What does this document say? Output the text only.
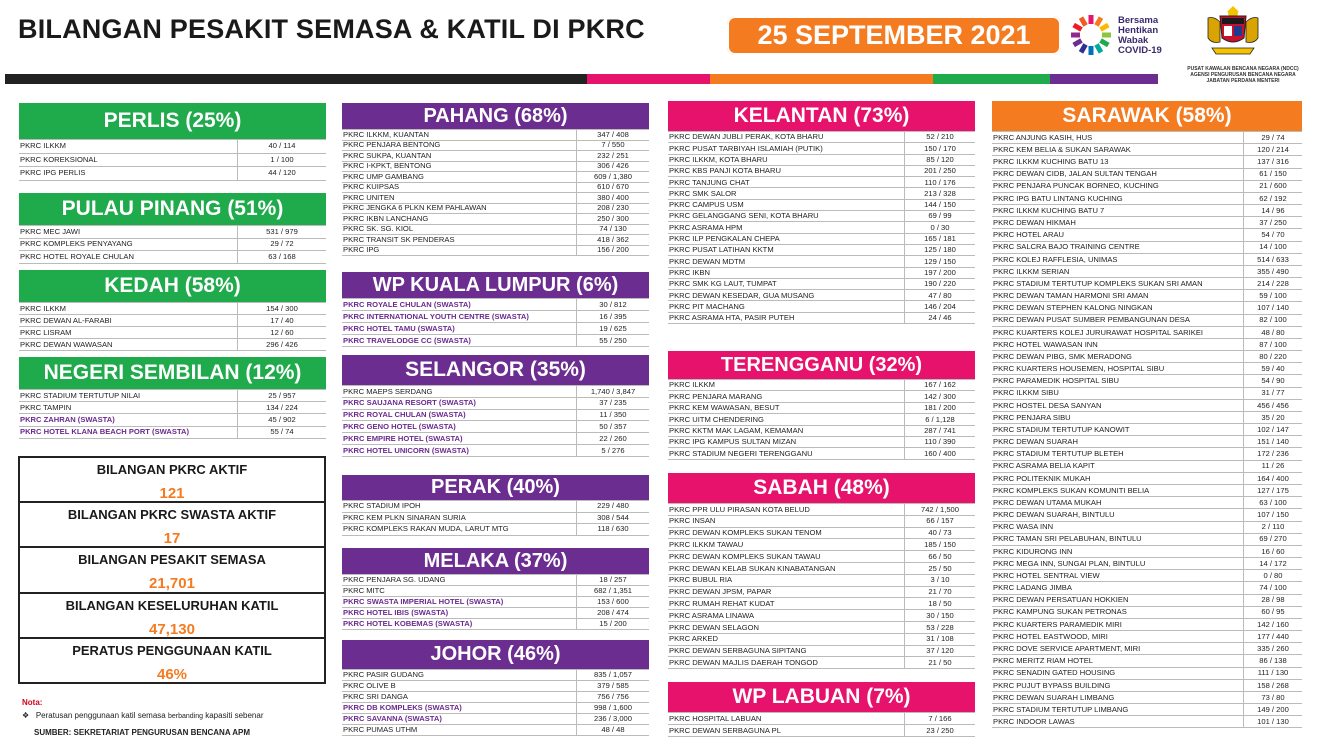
BILANGAN PESAKIT SEMASA & KATIL DI PKRC	25 SEPTEMBER 2021	Bersama
Hentikan
Wabak
COVID-19
PUSAT KAWALAN BENCANA NEGARA (NDCC)
AGENSI PENGURUSAN BENCANA NEGARA
JABATAN PERDANA MENTERI
PERLIS (25%)
PKRC ILKKM	40 / 114
PKRC KOREKSIONAL	1 / 100
PKRC IPG PERLIS	44 / 120
PULAU PINANG (51%)
PKRC MEC JAWI	531 / 979
PKRC KOMPLEKS PENYAYANG	29 / 72
PKRC HOTEL ROYALE CHULAN	63 / 168
KEDAH (58%)
PKRC ILKKM	154 / 300
PKRC DEWAN AL-FARABI	17 / 40
PKRC LISRAM	12 / 60
PKRC DEWAN WAWASAN	296 / 426
NEGERI SEMBILAN (12%)
PKRC STADIUM TERTUTUP NILAI	25 / 957
PKRC TAMPIN	134 / 224
PKRC ZAHRAN (SWASTA)	45 / 902
PKRC HOTEL KLANA BEACH PORT (SWASTA)	55 / 74
PAHANG (68%)
PKRC ILKKM, KUANTAN	347 / 408
PKRC PENJARA BENTONG	7 / 550
PKRC SUKPA, KUANTAN	232 / 251
PKRC I-KPKT, BENTONG	306 / 426
PKRC UMP GAMBANG	609 / 1,380
PKRC KUIPSAS	610 / 670
PKRC UNITEN	380 / 400
PKRC JENGKA 6 PLKN KEM PAHLAWAN	208 / 230
PKRC IKBN LANCHANG	250 / 300
PKRC SK. SG. KIOL	74 / 130
PKRC TRANSIT SK PENDERAS	418 / 362
PKRC IPG	156 / 200
WP KUALA LUMPUR (6%)
PKRC ROYALE CHULAN (SWASTA)	30 / 812
PKRC INTERNATIONAL YOUTH CENTRE (SWASTA)	16 / 395
PKRC HOTEL TAMU (SWASTA)	19 / 625
PKRC TRAVELODGE CC (SWASTA)	55 / 250
SELANGOR (35%)
PKRC MAEPS SERDANG	1,740 / 3,847
PKRC SAUJANA RESORT (SWASTA)	37 / 235
PKRC ROYAL CHULAN (SWASTA)	11 / 350
PKRC GENO HOTEL (SWASTA)	50 / 357
PKRC EMPIRE HOTEL (SWASTA)	22 / 260
PKRC HOTEL UNICORN (SWASTA)	5 / 276
PERAK (40%)
PKRC STADIUM IPOH	229 / 480
PKRC KEM PLKN SINARAN SURIA	308 / 544
PKRC KOMPLEKS RAKAN MUDA, LARUT MTG	118 / 630
MELAKA (37%)
PKRC PENJARA SG. UDANG	18 / 257
PKRC MITC	682 / 1,351
PKRC SWASTA IMPERIAL HOTEL (SWASTA)	153 / 600
PKRC HOTEL IBIS (SWASTA)	208 / 474
PKRC HOTEL KOBEMAS (SWASTA)	15 / 200
JOHOR (46%)
PKRC PASIR GUDANG	835 / 1,057
PKRC OLIVE B	379 / 585
PKRC SRI DANGA	756 / 756
PKRC DB KOMPLEKS (SWASTA)	998 / 1,600
PKRC SAVANNA (SWASTA)	236 / 3,000
PKRC PUMAS UTHM	48 / 48
KELANTAN (73%)
PKRC DEWAN JUBLI PERAK, KOTA BHARU	52 / 210
PKRC PUSAT TARBIYAH ISLAMIAH (PUTIK)	150 / 170
PKRC ILKKM, KOTA BHARU	85 / 120
PKRC KBS PANJI KOTA BHARU	201 / 250
PKRC TANJUNG CHAT	110 / 176
PKRC SMK SALOR	213 / 328
PKRC CAMPUS USM	144 / 150
PKRC GELANGGANG SENI, KOTA BHARU	69 / 99
PKRC ASRAMA HPM	0 / 30
PKRC ILP PENGKALAN CHEPA	165 / 181
PKRC PUSAT LATIHAN KKTM	125 / 180
PKRC DEWAN MDTM	129 / 150
PKRC IKBN	197 / 200
PKRC SMK KG LAUT, TUMPAT	190 / 220
PKRC DEWAN KESEDAR, GUA MUSANG	47 / 80
PKRC PIT MACHANG	146 / 204
PKRC ASRAMA HTA, PASIR PUTEH	24 / 46
TERENGGANU (32%)
PKRC ILKKM	167 / 162
PKRC PENJARA MARANG	142 / 300
PKRC KEM WAWASAN, BESUT	181 / 200
PKRC UITM CHENDERING	6 / 1,128
PKRC KKTM MAK LAGAM, KEMAMAN	287 / 741
PKRC IPG KAMPUS SULTAN MIZAN	110 / 390
PKRC STADIUM NEGERI TERENGGANU	160 / 400
SABAH (48%)
PKRC PPR ULU PIRASAN KOTA BELUD	742 / 1,500
PKRC INSAN	66 / 157
PKRC DEWAN KOMPLEKS SUKAN TENOM	40 / 73
PKRC ILKKM TAWAU	185 / 150
PKRC DEWAN KOMPLEKS SUKAN TAWAU	66 / 50
PKRC DEWAN KELAB SUKAN KINABATANGAN	25 / 50
PKRC BUBUL RIA	3 / 10
PKRC DEWAN JPSM, PAPAR	21 / 70
PKRC RUMAH REHAT KUDAT	18 / 50
PKRC ASRAMA LINAWA	30 / 150
PKRC DEWAN SELAGON	53 / 228
PKRC ARKED	31 / 108
PKRC DEWAN SERBAGUNA SIPITANG	37 / 120
PKRC DEWAN MAJLIS DAERAH TONGOD	21 / 50
WP LABUAN (7%)
PKRC HOSPITAL LABUAN	7 / 166
PKRC DEWAN SERBAGUNA PL	23 / 250
SARAWAK (58%)
PKRC ANJUNG KASIH, HUS	29 / 74
PKRC KEM BELIA & SUKAN SARAWAK	120 / 214
PKRC ILKKM KUCHING BATU 13	137 / 316
PKRC DEWAN CIDB, JALAN SULTAN TENGAH	61 / 150
PKRC PENJARA PUNCAK BORNEO, KUCHING	21 / 600
PKRC IPG BATU LINTANG KUCHING	62 / 192
PKRC ILKKM KUCHING BATU 7	14 / 96
PKRC DEWAN HIKMAH	37 / 250
PKRC HOTEL ARAU	54 / 70
PKRC SALCRA BAJO TRAINING CENTRE	14 / 100
PKRC KOLEJ RAFFLESIA, UNIMAS	514 / 633
PKRC ILKKM SERIAN	355 / 490
PKRC STADIUM TERTUTUP KOMPLEKS SUKAN SRI AMAN	214 / 228
PKRC DEWAN TAMAN HARMONI SRI AMAN	59 / 100
PKRC DEWAN STEPHEN KALONG NINGKAN	107 / 140
PKRC DEWAN PUSAT SUMBER PEMBANGUNAN DESA	82 / 100
PKRC KUARTERS KOLEJ JURURAWAT HOSPITAL SARIKEI	48 / 80
PKRC HOTEL WAWASAN INN	87 / 100
PKRC DEWAN PIBG, SMK MERADONG	80 / 220
PKRC KUARTERS HOUSEMEN, HOSPITAL SIBU	59 / 40
PKRC PARAMEDIK HOSPITAL SIBU	54 / 90
PKRC ILKKM SIBU	31 / 77
PKRC HOSTEL DESA SANYAN	456 / 456
PKRC PENJARA SIBU	35 / 20
PKRC STADIUM TERTUTUP KANOWIT	102 / 147
PKRC DEWAN SUARAH	151 / 140
PKRC STADIUM TERTUTUP BLETEH	172 / 236
PKRC ASRAMA BELIA KAPIT	11 / 26
PKRC POLITEKNIK MUKAH	164 / 400
PKRC KOMPLEKS SUKAN KOMUNITI BELIA	127 / 175
PKRC DEWAN UTAMA MUKAH	63 / 100
PKRC DEWAN SUARAH, BINTULU	107 / 150
PKRC WASA INN	2 / 110
PKRC TAMAN SRI PELABUHAN, BINTULU	69 / 270
PKRC KIDURONG INN	16 / 60
PKRC MEGA INN, SUNGAI PLAN, BINTULU	14 / 172
PKRC HOTEL SENTRAL VIEW	0 / 80
PKRC LADANG JIMBA	74 / 100
PKRC DEWAN PERSATUAN HOKKIEN	28 / 98
PKRC KAMPUNG SUKAN PETRONAS	60 / 95
PKRC KUARTERS PARAMEDIK MIRI	142 / 160
PKRC HOTEL EASTWOOD, MIRI	177 / 440
PKRC DOVE SERVICE APARTMENT, MIRI	335 / 260
PKRC MERITZ RIAM HOTEL	86 / 138
PKRC SENADIN GATED HOUSING	111 / 130
PKRC PUJUT BYPASS BUILDING	158 / 268
PKRC DEWAN SUARAH LIMBANG	73 / 80
PKRC STADIUM TERTUTUP LIMBANG	149 / 200
PKRC INDOOR LAWAS	101 / 130
BILANGAN PKRC AKTIF
121
BILANGAN PKRC SWASTA AKTIF
17
BILANGAN PESAKIT SEMASA
21,701
BILANGAN KESELURUHAN KATIL
47,130
PERATUS PENGGUNAAN KATIL
46%
Nota:
❖ Peratusan penggunaan katil semasa berbanding kapasiti sebenar
SUMBER: SEKRETARIAT PENGURUSAN BENCANA APM
